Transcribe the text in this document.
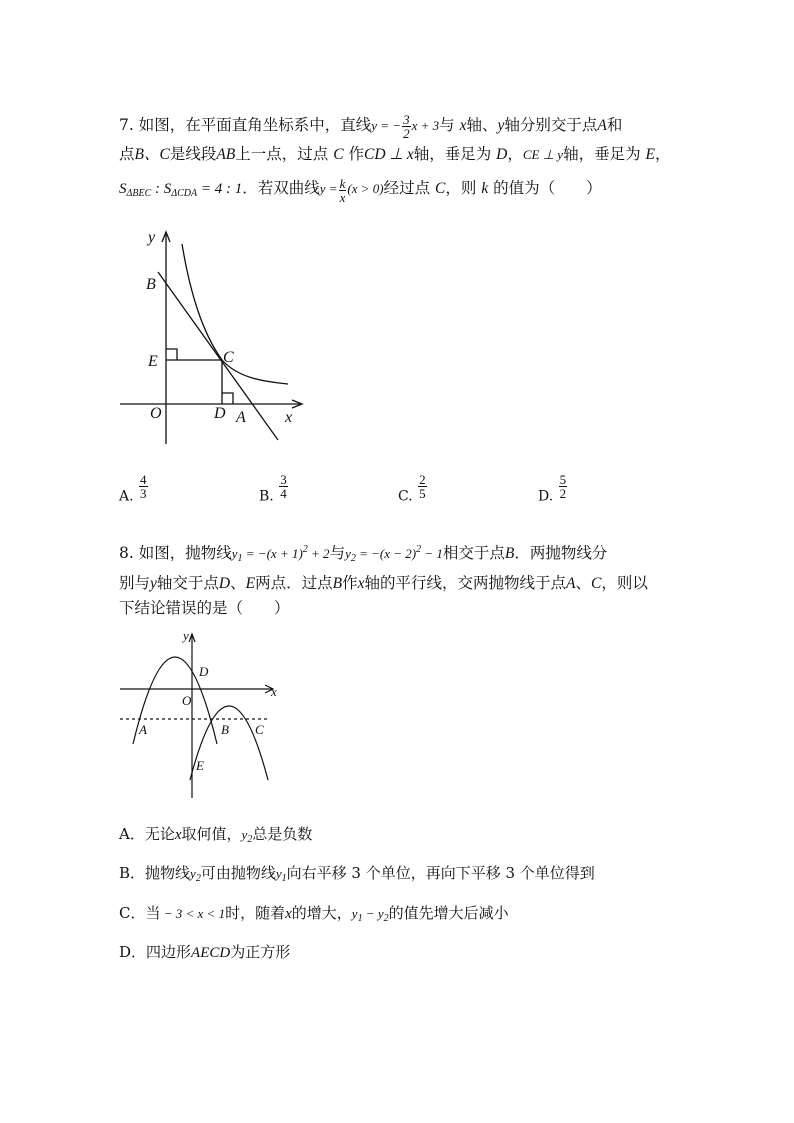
7. 如图，在平面直角坐标系中，直线y = − $\frac{3}{2}$ x + 3与 x轴、y轴分别交于点A和
点B、C是线段AB上一点，过点 C 作CD ⊥ x轴，垂足为 D，CE ⊥ y轴，垂足为 E，
$S_{\Delta BEC}$ : $S_{\Delta CDA} = 4$ : 1．若双曲线$y = \frac{k}{x} (x > 0)$经过点 C，则 k 的值为（　　）
y
B
E	C
O	D A x
A. $\frac{4}{3}$	B. $\frac{3}{4}$	C. $\frac{2}{5}$	D. $\frac{5}{2}$
8. 如图，抛物线$y_1 = -(x + 1)^2 + 2$与$y_2 = -(x - 2)^2 - 1$相交于点B．两抛物线分
别与y轴交于点D、E两点．过点B作x轴的平行线，交两抛物线于点A、C，则以
下结论错误的是（　　）
y
D
x
O
A	B C
E
A．无论x取何值，$y_2$总是负数
B．抛物线$y_2$可由抛物线$y_1$向右平移 3 个单位，再向下平移 3 个单位得到
C．当 − 3 < x < 1时，随着x的增大，$y_1 - y_2$的值先增大后减小
D．四边形AECD为正方形
